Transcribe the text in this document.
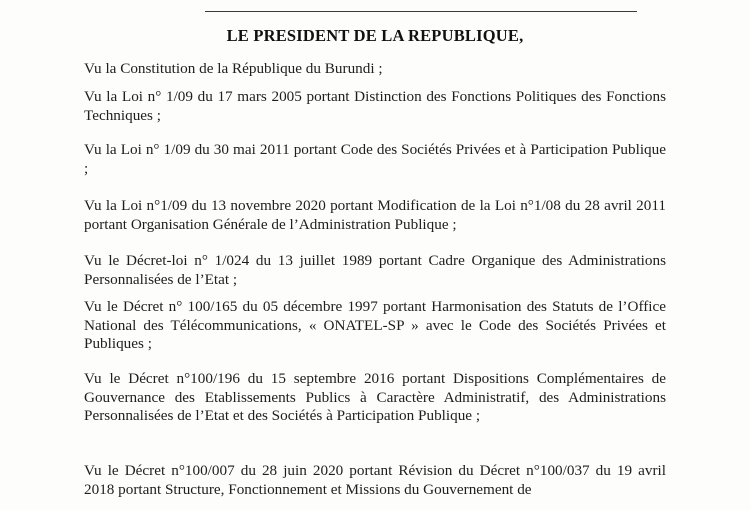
LE PRESIDENT DE LA REPUBLIQUE,

Vu la Constitution de la République du Burundi ;

Vu la Loi n° 1/09 du 17 mars 2005 portant Distinction des Fonctions Politiques des Fonctions Techniques ;

Vu la Loi n° 1/09 du 30 mai 2011 portant Code des Sociétés Privées et à Participation Publique ;

Vu la Loi n°1/09 du 13 novembre 2020 portant Modification de la Loi n°1/08 du 28 avril 2011 portant Organisation Générale de l’Administration Publique ;

Vu le Décret-loi n° 1/024 du 13 juillet 1989 portant Cadre Organique des Administrations Personnalisées de l’Etat ;

Vu le Décret n° 100/165 du 05 décembre 1997 portant Harmonisation des Statuts de l’Office National des Télécommunications, « ONATEL-SP » avec le Code des Sociétés Privées et Publiques ;

Vu le Décret n°100/196 du 15 septembre 2016 portant Dispositions Complémentaires de Gouvernance des Etablissements Publics à Caractère Administratif, des Administrations Personnalisées de l’Etat et des Sociétés à Participation Publique ;

Vu le Décret n°100/007 du 28 juin 2020 portant Révision du Décret n°100/037 du 19 avril 2018 portant Structure, Fonctionnement et Missions du Gouvernement de
